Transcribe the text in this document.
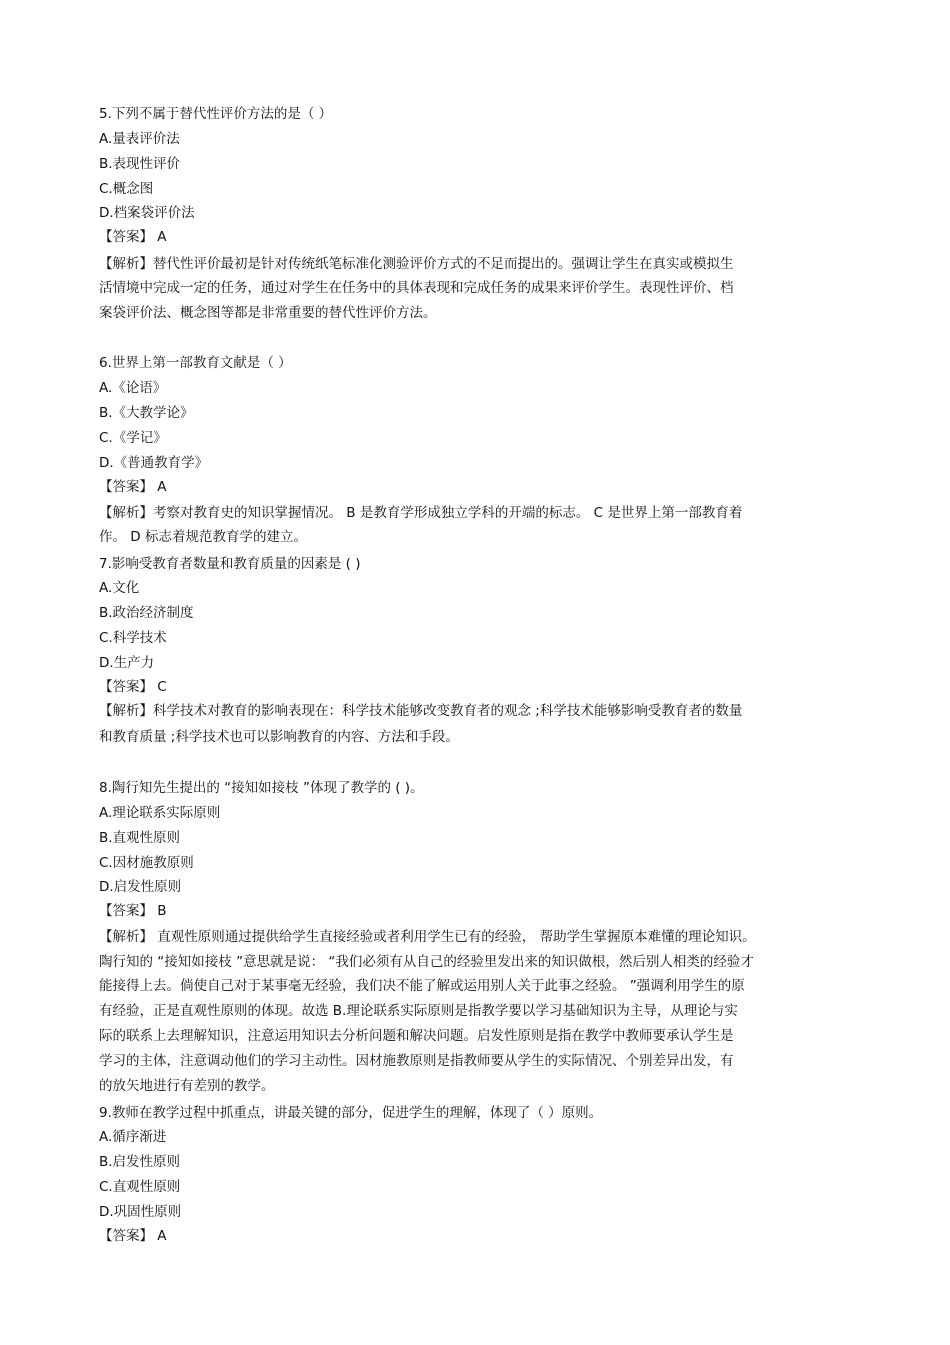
5.下列不属于替代性评价方法的是（ ）
A.量表评价法
B.表现性评价
C.概念图
D.档案袋评价法
【答案】 A
【解析】替代性评价最初是针对传统纸笔标准化测验评价方式的不足而提出的。强调让学生在真实或模拟生
活情境中完成一定的任务，通过对学生在任务中的具体表现和完成任务的成果来评价学生。表现性评价、档
案袋评价法、概念图等都是非常重要的替代性评价方法。
6.世界上第一部教育文献是（ ）
A.《论语》
B.《大教学论》
C.《学记》
D.《普通教育学》
【答案】 A
【解析】考察对教育史的知识掌握情况。 B 是教育学形成独立学科的开端的标志。 C 是世界上第一部教育着
作。 D 标志着规范教育学的建立。
7.影响受教育者数量和教育质量的因素是 ( )
A.文化
B.政治经济制度
C.科学技术
D.生产力
【答案】 C
【解析】科学技术对教育的影响表现在：科学技术能够改变教育者的观念 ;科学技术能够影响受教育者的数量
和教育质量 ;科学技术也可以影响教育的内容、方法和手段。
8.陶行知先生提出的 “接知如接枝 ”体现了教学的 ( )。
A.理论联系实际原则
B.直观性原则
C.因材施教原则
D.启发性原则
【答案】 B
【解析】 直观性原则通过提供给学生直接经验或者利用学生已有的经验， 帮助学生掌握原本难懂的理论知识。
陶行知的 “接知如接枝 ”意思就是说： “我们必须有从自己的经验里发出来的知识做根，然后别人相类的经验才
能接得上去。倘使自己对于某事毫无经验，我们决不能了解或运用别人关于此事之经验。 ”强调利用学生的原
有经验，正是直观性原则的体现。故选 B.理论联系实际原则是指教学要以学习基础知识为主导，从理论与实
际的联系上去理解知识，注意运用知识去分析问题和解决问题。启发性原则是指在教学中教师要承认学生是
学习的主体，注意调动他们的学习主动性。因材施教原则是指教师要从学生的实际情况、个别差异出发，有
的放矢地进行有差别的教学。
9.教师在教学过程中抓重点，讲最关键的部分，促进学生的理解，体现了（ ）原则。
A.循序渐进
B.启发性原则
C.直观性原则
D.巩固性原则
【答案】 A
